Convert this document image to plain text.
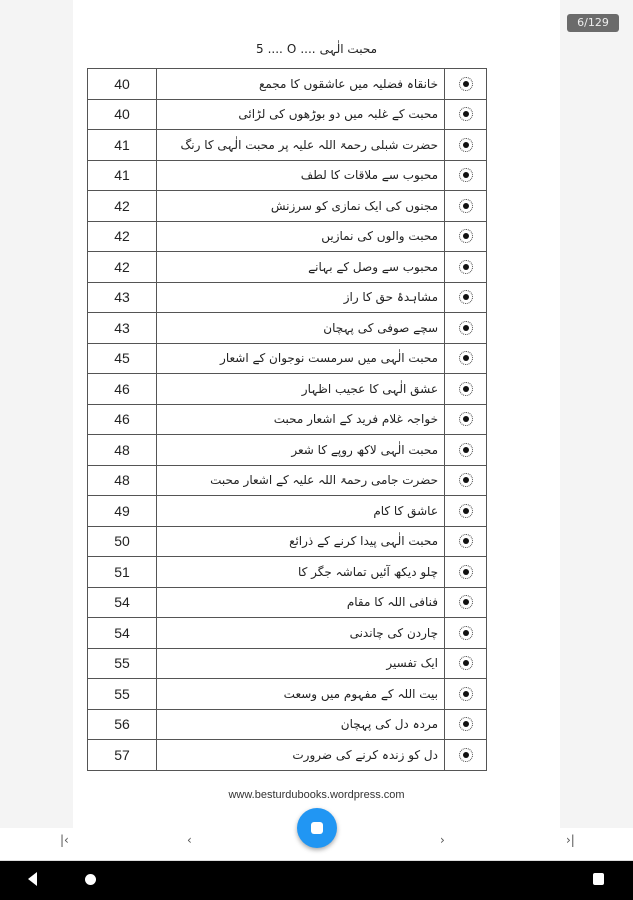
6/129
5 .... O .... محبت الٰہی
40	خانقاہ فضلیہ میں عاشقوں کا مجمع	
40	محبت کے غلبہ میں دو بوڑھوں کی لڑائی	
41	حضرت شبلی رحمۃ اللہ علیہ پر محبت الٰہی کا رنگ	
41	محبوب سے ملاقات کا لطف	
42	مجنوں کی ایک نمازی کو سرزنش	
42	محبت والوں کی نمازیں	
42	محبوب سے وصل کے بہانے	
43	مشاہدۂ حق کا راز	
43	سچے صوفی کی پہچان	
45	محبت الٰہی میں سرمست نوجوان کے اشعار	
46	عشق الٰہی کا عجیب اظہار	
46	خواجہ غلام فرید کے اشعار محبت	
48	محبت الٰہی لاکھ روپے کا شعر	
48	حضرت جامی رحمۃ اللہ علیہ کے اشعار محبت	
49	عاشق کا کام	
50	محبت الٰہی پیدا کرنے کے ذرائع	
51	چلو دیکھ آئیں تماشہ جگر کا	
54	فنافی اللہ کا مقام	
54	چاردن کی چاندنی	
55	ایک تفسیر	
55	بیت اللہ کے مفہوم میں وسعت	
56	مردہ دل کی پہچان	
57	دل کو زندہ کرنے کی ضرورت	
www.besturdubooks.wordpress.com
|‹	‹	›	›|
